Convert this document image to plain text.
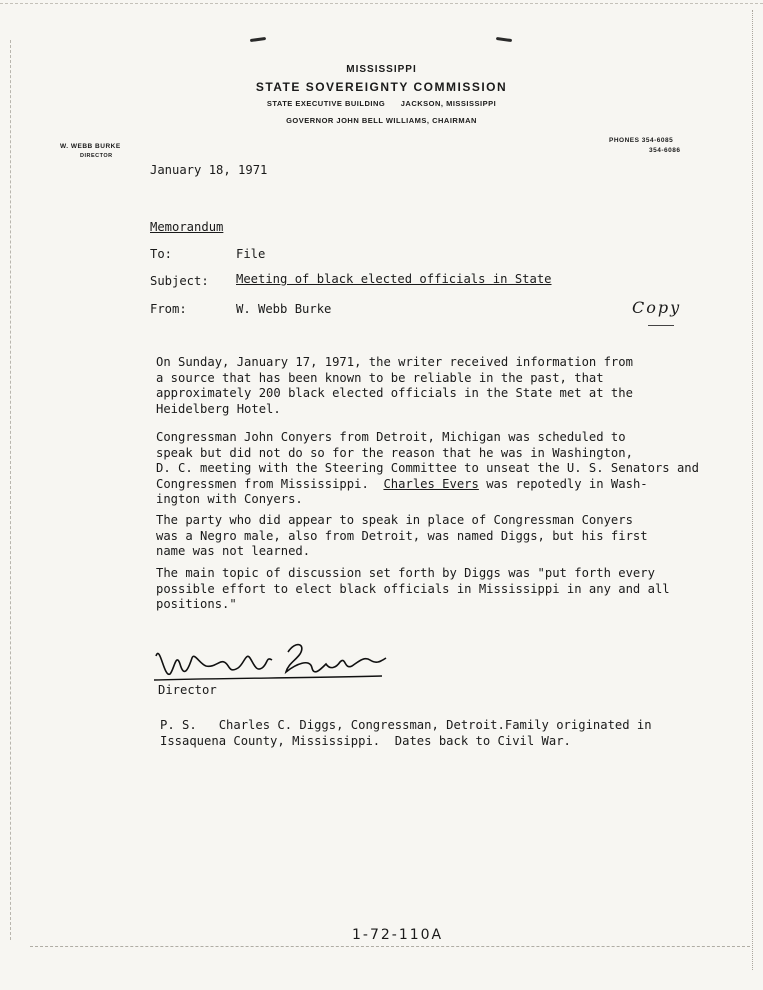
MISSISSIPPI
STATE SOVEREIGNTY COMMISSION
STATE EXECUTIVE BUILDING      JACKSON, MISSISSIPPI
GOVERNOR JOHN BELL WILLIAMS, CHAIRMAN
W. WEBB BURKE
DIRECTOR
PHONES 354-6085
354-6086
January 18, 1971
Memorandum
To:	File
Subject: Meeting of black elected officials in State
From:	W. Webb Burke	Copy
On Sunday, January 17, 1971, the writer received information from
a source that has been known to be reliable in the past, that
approximately 200 black elected officials in the State met at the
Heidelberg Hotel.
Congressman John Conyers from Detroit, Michigan was scheduled to
speak but did not do so for the reason that he was in Washington,
D. C. meeting with the Steering Committee to unseat the U. S. Senators and
Congressmen from Mississippi.  Charles Evers was repotedly in Wash-
ington with Conyers.
The party who did appear to speak in place of Congressman Conyers
was a Negro male, also from Detroit, was named Diggs, but his first
name was not learned.
The main topic of discussion set forth by Diggs was "put forth every
possible effort to elect black officials in Mississippi in any and all
positions."
Director
P. S.   Charles C. Diggs, Congressman, Detroit.Family originated in
Issaquena County, Mississippi.  Dates back to Civil War.
1-72-110A
